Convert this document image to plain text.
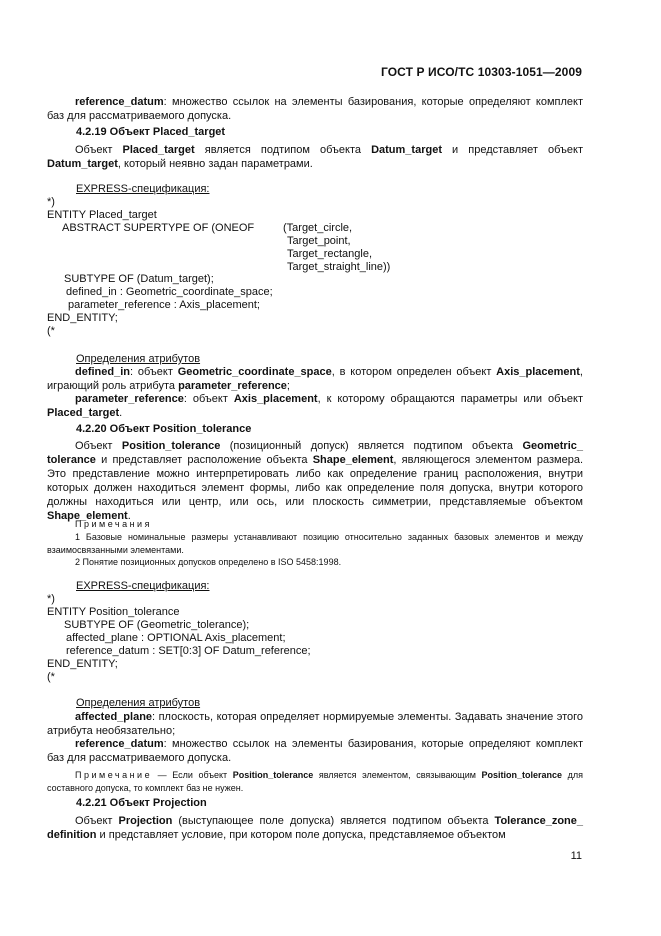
ГОСТ Р ИСО/ТС 10303-1051—2009

reference_datum: множество ссылок на элементы базирования, которые определяют комплект баз для рассматриваемого допуска.

4.2.19 Объект Placed_target

Объект Placed_target является подтипом объекта Datum_target и представляет объект Datum_target, который неявно задан параметрами.

EXPRESS-спецификация:

*)

ENTITY Placed_target

ABSTRACT SUPERTYPE OF (ONEOF	(Target_circle,

Target_point,

Target_rectangle,

Target_straight_line))

SUBTYPE OF (Datum_target);

defined_in : Geometric_coordinate_space;

parameter_reference : Axis_placement;

END_ENTITY;

(*

Определения атрибутов

defined_in: объект Geometric_coordinate_space, в котором определен объект Axis_placement, играющий роль атрибута parameter_reference;

parameter_reference: объект Axis_placement, к которому обращаются параметры или объект Placed_target.

4.2.20 Объект Position_tolerance

Объект Position_tolerance (позиционный допуск) является подтипом объекта Geometric_ tolerance и представляет расположение объекта Shape_element, являющегося элементом размера. Это представление можно интерпретировать либо как определение границ расположения, внутри которых должен находиться элемент формы, либо как определение поля допуска, внутри которого должны находиться или центр, или ось, или плоскость симметрии, представляемые объектом Shape_element.

Примечания

1 Базовые номинальные размеры устанавливают позицию относительно заданных базовых элементов и между взаимосвязанными элементами.

2 Понятие позиционных допусков определено в ISO 5458:1998.

EXPRESS-спецификация:

*)

ENTITY Position_tolerance

SUBTYPE OF (Geometric_tolerance);

affected_plane : OPTIONAL Axis_placement;

reference_datum : SET[0:3] OF Datum_reference;

END_ENTITY;

(*

Определения атрибутов

affected_plane: плоскость, которая определяет нормируемые элементы. Задавать значение этого атрибута необязательно;

reference_datum: множество ссылок на элементы базирования, которые определяют комплект баз для рассматриваемого допуска.

Примечание — Если объект Position_tolerance является элементом, связывающим Position_tolerance для составного допуска, то комплект баз не нужен.

4.2.21 Объект Projection

Объект Projection (выступающее поле допуска) является подтипом объекта Tolerance_zone_ definition и представляет условие, при котором поле допуска, представляемое объектом

11
